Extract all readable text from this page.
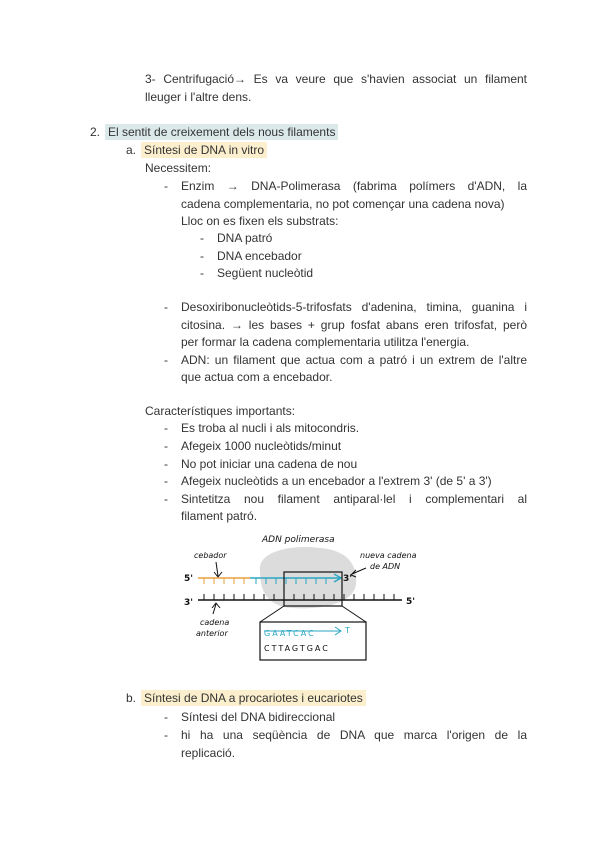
3- Centrifugació→ Es va veure que s'havien associat un filament
lleuger i l'altre dens.
2. El sentit de creixement dels nous filaments
a. Síntesi de DNA in vitro
Necessitem:
- Enzim → DNA-Polimerasa (fabrima polímers d'ADN, la
cadena complementaria, no pot començar una cadena nova)
Lloc on es fixen els substrats:
- DNA patró
- DNA encebador
- Següent nucleòtid
- Desoxiribonucleòtids-5-trifosfats d'adenina, timina, guanina i
citosina. → les bases + grup fosfat abans eren trifosfat, però
per formar la cadena complementaria utilitza l'energia.
- ADN: un filament que actua com a patró i un extrem de l'altre
que actua com a encebador.
Característiques importants:
- Es troba al nucli i als mitocondris.
- Afegeix 1000 nucleòtids/minut
- No pot iniciar una cadena de nou
- Afegeix nucleòtids a un encebador a l'extrem 3' (de 5' a 3')
- Sintetitza nou filament antiparal·lel i complementari al
filament patró.
ADN polimerasa
cebador	nueva cadena
de ADN
5'	3'
3'	5'
cadena
anterior	GAATCAC	T
CTTAGTGAC
b. Síntesi de DNA a procariotes i eucariotes
- Síntesi del DNA bidireccional
- hi ha una seqüència de DNA que marca l'origen de la
replicació.
